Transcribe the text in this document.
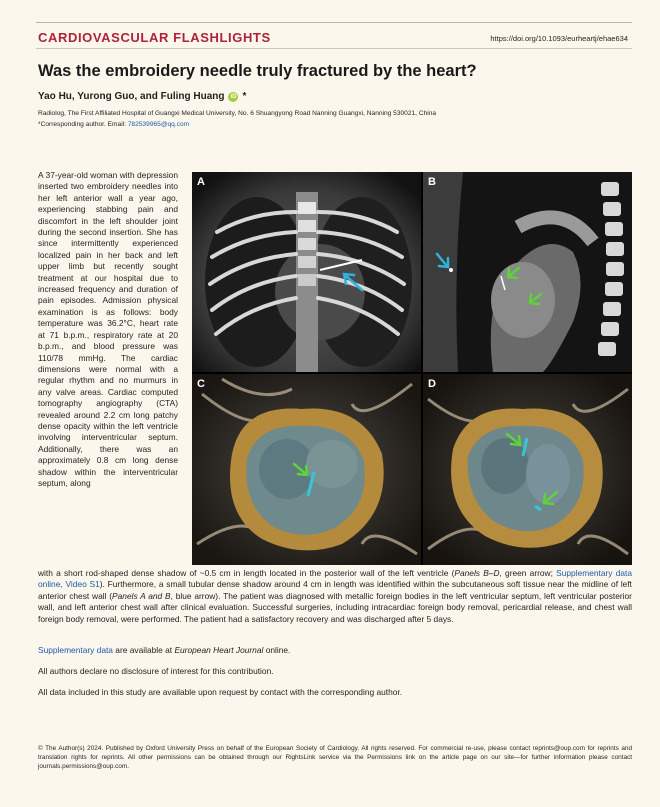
CARDIOVASCULAR FLASHLIGHTS	https://doi.org/10.1093/eurheartj/ehae634
Was the embroidery needle truly fractured by the heart?
Yao Hu, Yurong Guo, and Fuling Huang	iD *
Radiolog, The First Affiliated Hospital of Guangxi Medical University, No. 6 Shuangyong Road Nanning Guangxi, Nanning 530021, China
*Corresponding author. Email: 782539965@qq.com

A 37-year-old woman with depression inserted two embroidery needles into her left anterior wall a year ago, experiencing stabbing pain and discomfort in the left shoulder joint during the second insertion. She has since intermittently experienced localized pain in her back and left upper limb but recently sought treatment at our hospital due to increased frequency and duration of pain episodes. Admission physical examination is as follows: body temperature was 36.2°C, heart rate at 71 b.p.m., respiratory rate at 20 b.p.m., and blood pressure was 110/78 mmHg. The cardiac dimensions were normal with a regular rhythm and no murmurs in any valve areas. Cardiac computed tomography angiography (CTA) revealed around 2.2 cm long patchy dense opacity within the left ventricle involving interventricular septum. Additionally, there was an approximately 0.8 cm long dense shadow within the interventricular septum, along

A	B
C	D

with a short rod-shaped dense shadow of ~0.5 cm in length located in the posterior wall of the left ventricle (Panels B–D, green arrow; Supplementary data online, Video S1). Furthermore, a small tubular dense shadow around 4 cm in length was identified within the subcutaneous soft tissue near the midline of left anterior chest wall (Panels A and B, blue arrow). The patient was diagnosed with metallic foreign bodies in the left ventricular septum, left ventricular posterior wall, and left anterior chest wall after clinical evaluation. Successful surgeries, including intracardiac foreign body removal, pericardial release, and chest wall foreign body removal, were performed. The patient had a satisfactory recovery and was discharged after 5 days.

Supplementary data are available at European Heart Journal online.

All authors declare no disclosure of interest for this contribution.

All data included in this study are available upon request by contact with the corresponding author.

© The Author(s) 2024. Published by Oxford University Press on behalf of the European Society of Cardiology. All rights reserved. For commercial re-use, please contact reprints@oup.com for reprints and translation rights for reprints. All other permissions can be obtained through our RightsLink service via the Permissions link on the article page on our site—for further information please contact journals.permissions@oup.com.
